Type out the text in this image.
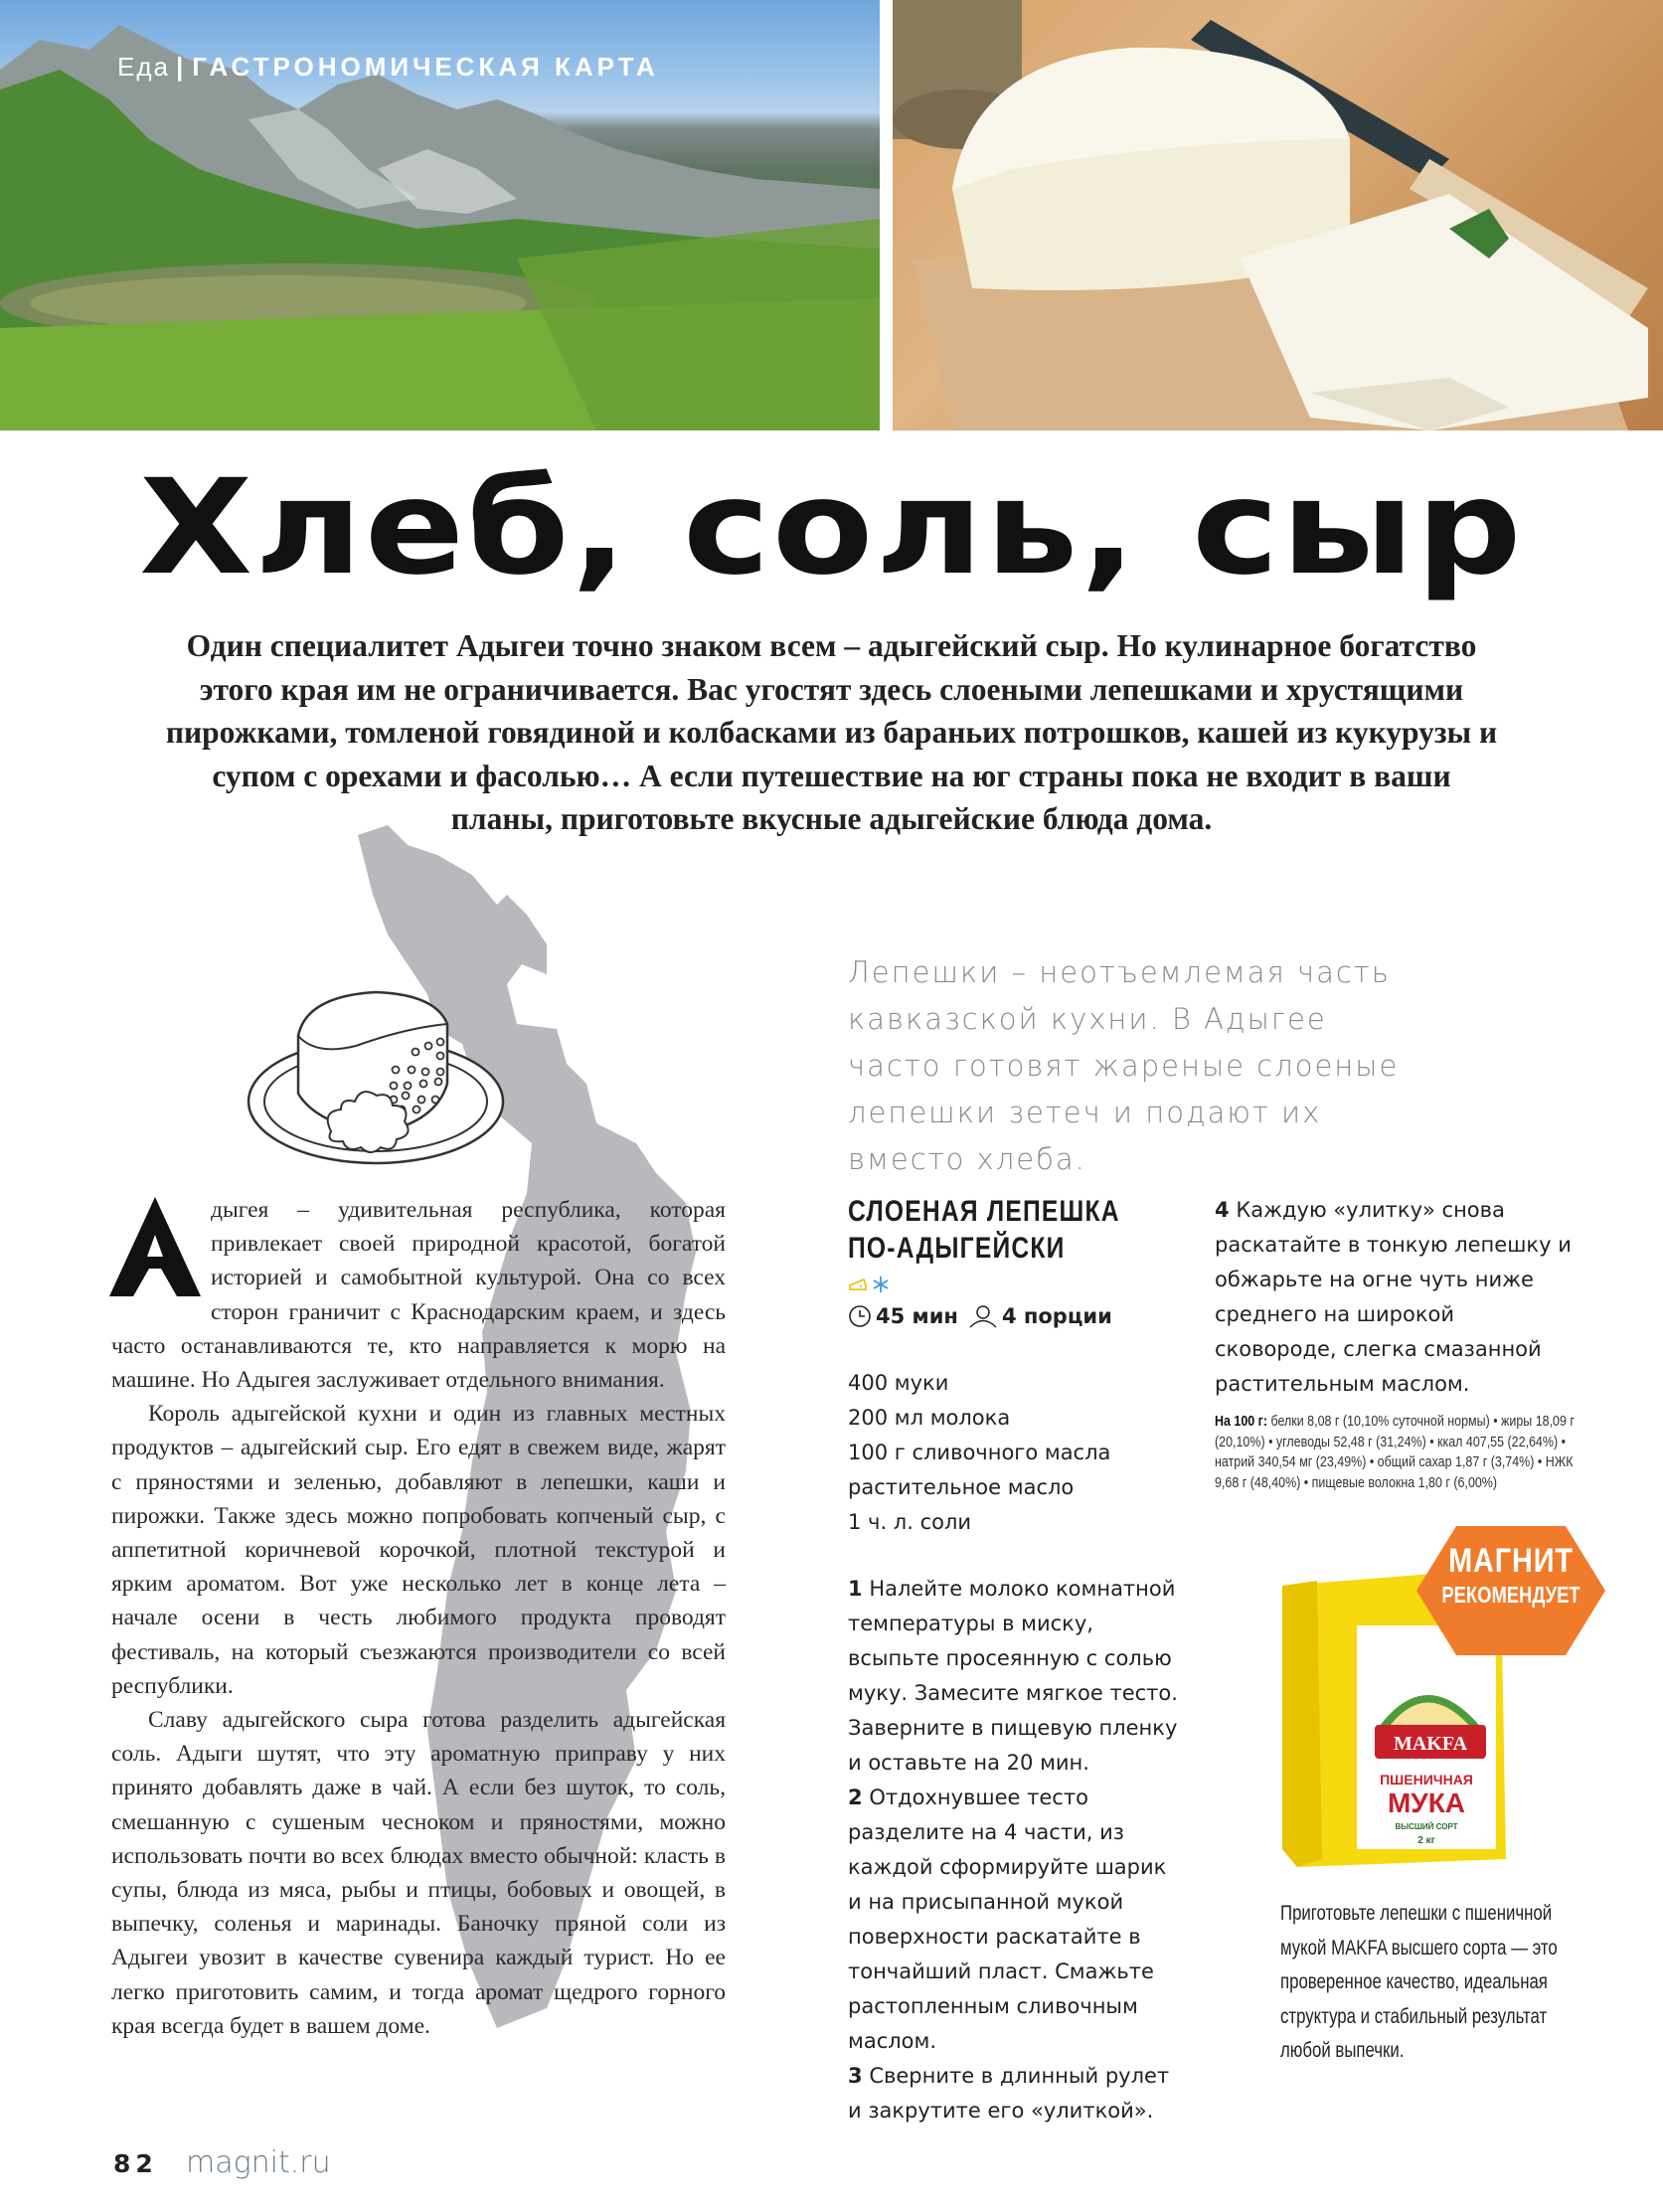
Еда | ГАСТРОНОМИЧЕСКАЯ КАРТА
Хлеб, соль, сыр
Один специалитет Адыгеи точно знаком всем – адыгейский сыр. Но кулинарное богатство этого края им не ограничивается. Вас угостят здесь слоеными лепешками и хрустящими пирожками, томленой говядиной и колбасками из бараньих потрошков, кашей из кукурузы и супом с орехами и фасолью… А если путешествие на юг страны пока не входит в ваши планы, приготовьте вкусные адыгейские блюда дома.
Лепешки – неотъемлемая часть кавказской кухни. В Адыгее часто готовят жареные слоеные лепешки зетеч и подают их вместо хлеба.

дыгея – удивительная республика, которая привлекает своей природной красотой, богатой историей и самобытной культурой. Она со всех сторон граничит с Краснодарским краем, и здесь часто останавливаются те, кто направляется к морю на машине. Но Адыгея заслуживает отдельного внимания.

Король адыгейской кухни и один из главных местных продуктов – адыгейский сыр. Его едят в свежем виде, жарят с пряностями и зеленью, добавляют в лепешки, каши и пирожки. Также здесь можно попробовать копченый сыр, с аппетитной коричневой корочкой, плотной текстурой и ярким ароматом. Вот уже несколько лет в конце лета – начале осени в честь любимого продукта проводят фестиваль, на который съезжаются производители со всей республики.

Славу адыгейского сыра готова разделить адыгейская соль. Адыги шутят, что эту ароматную приправу у них принято добавлять даже в чай. А если без шуток, то соль, смешанную с сушеным чесноком и пряностями, можно использовать почти во всех блюдах вместо обычной: класть в супы, блюда из мяса, рыбы и птицы, бобовых и овощей, в выпечку, соленья и маринады. Баночку пряной соли из Адыгеи увозит в качестве сувенира каждый турист. Но ее легко приготовить самим, и тогда аромат щедрого горного края всегда будет в вашем доме.

СЛОЕНАЯ ЛЕПЕШКА
ПО-АДЫГЕЙСКИ
45 мин 4 порции
400 муки
200 мл молока
100 г сливочного масла
растительное масло
1 ч. л. соли
1 Налейте молоко комнатной температуры в миску, всыпьте просеянную с солью муку. Замесите мягкое тесто. Заверните в пищевую пленку и оставьте на 20 мин.
2 Отдохнувшее тесто разделите на 4 части, из каждой сформируйте шарик и на присыпанной мукой поверхности раскатайте в тончайший пласт. Смажьте растопленным сливочным маслом.
3 Сверните в длинный рулет и закрутите его «улиткой».
4 Каждую «улитку» снова раскатайте в тонкую лепешку и обжарьте на огне чуть ниже среднего на широкой сковороде, слегка смазанной растительным маслом.
На 100 г: белки 8,08 г (10,10% суточной нормы) • жиры 18,09 г (20,10%) • углеводы 52,48 г (31,24%) • ккал 407,55 (22,64%) • натрий 340,54 мг (23,49%) • общий сахар 1,87 г (3,74%) • НЖК 9,68 г (48,40%) • пищевые волокна 1,80 г (6,00%)
MAKFA
ПШЕНИЧНАЯ
МУКА
ВЫСШИЙ СОРТ
2 кг
МАГНИТ
РЕКОМЕНДУЕТ
Приготовьте лепешки с пшеничной мукой MAKFA высшего сорта — это проверенное качество, идеальная структура и стабильный результат любой выпечки.
82 magnit.ru
